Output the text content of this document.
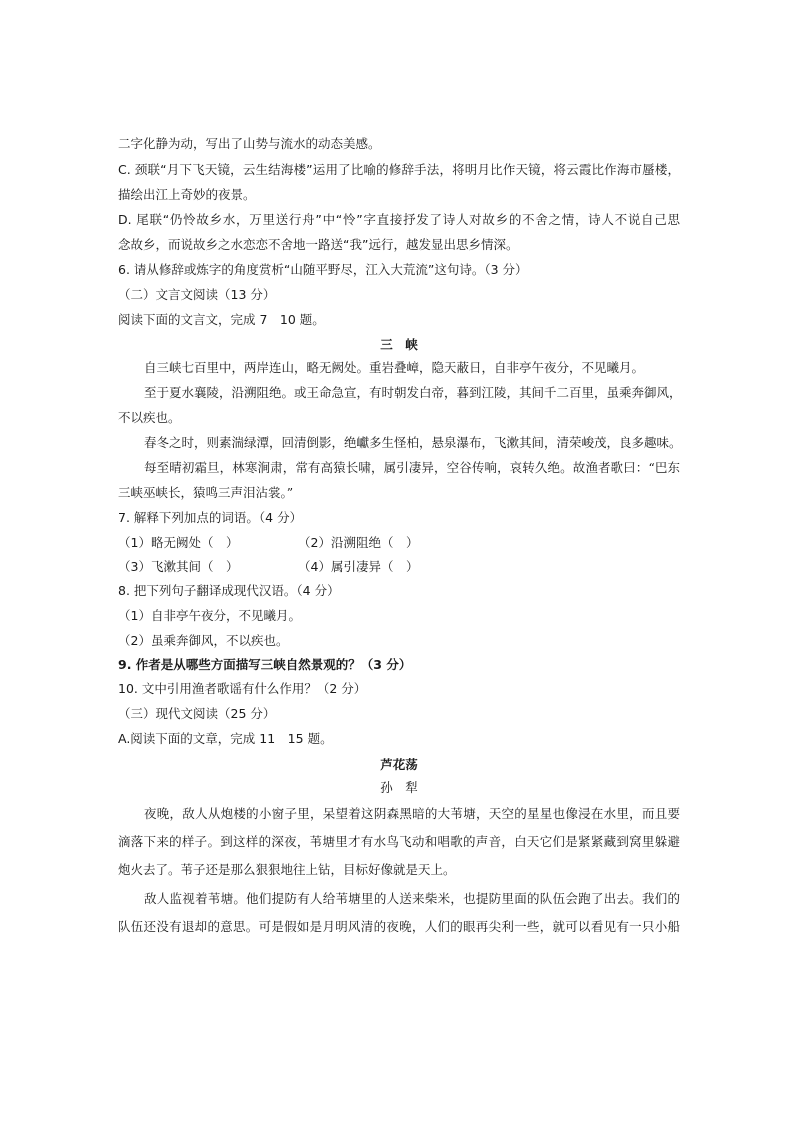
二字化静为动，写出了山势与流水的动态美感。
C. 颈联“月下飞天镜，云生结海楼”运用了比喻的修辞手法，将明月比作天镜，将云霞比作海市蜃楼，
描绘出江上奇妙的夜景。
D. 尾联“仍怜故乡水，万里送行舟”中“怜”字直接抒发了诗人对故乡的不舍之情，诗人不说自己思
念故乡，而说故乡之水恋恋不舍地一路送“我”远行，越发显出思乡情深。
6. 请从修辞或炼字的角度赏析“山随平野尽，江入大荒流”这句诗。（3 分）
（二）文言文阅读（13 分）
阅读下面的文言文，完成 7　10 题。
三　峡
自三峡七百里中，两岸连山，略无阙处。重岩叠嶂，隐天蔽日，自非亭午夜分，不见曦月。
至于夏水襄陵，沿溯阻绝。或王命急宣，有时朝发白帝，暮到江陵，其间千二百里，虽乘奔御风，
不以疾也。
春冬之时，则素湍绿潭，回清倒影，绝巘多生怪柏，悬泉瀑布，飞漱其间，清荣峻茂，良多趣味。
每至晴初霜旦，林寒涧肃，常有高猿长啸，属引凄异，空谷传响，哀转久绝。故渔者歌曰：“巴东
三峡巫峡长，猿鸣三声泪沾裳。”
7. 解释下列加点的词语。（4 分）
（1）略无阙处（　）	（2）沿溯阻绝（　）
（3）飞漱其间（　）	（4）属引凄异（　）
8. 把下列句子翻译成现代汉语。（4 分）
（1）自非亭午夜分，不见曦月。
（2）虽乘奔御风，不以疾也。
9. 作者是从哪些方面描写三峡自然景观的？（3 分）
10. 文中引用渔者歌谣有什么作用？（2 分）
（三）现代文阅读（25 分）
A.阅读下面的文章，完成 11　15 题。
芦花荡
孙　犁
夜晚，敌人从炮楼的小窗子里，呆望着这阴森黑暗的大苇塘，天空的星星也像浸在水里，而且要
滴落下来的样子。到这样的深夜，苇塘里才有水鸟飞动和唱歌的声音，白天它们是紧紧藏到窝里躲避
炮火去了。苇子还是那么狠狠地往上钻，目标好像就是天上。
敌人监视着苇塘。他们提防有人给苇塘里的人送来柴米，也提防里面的队伍会跑了出去。我们的
队伍还没有退却的意思。可是假如是月明风清的夜晚，人们的眼再尖利一些，就可以看见有一只小船
